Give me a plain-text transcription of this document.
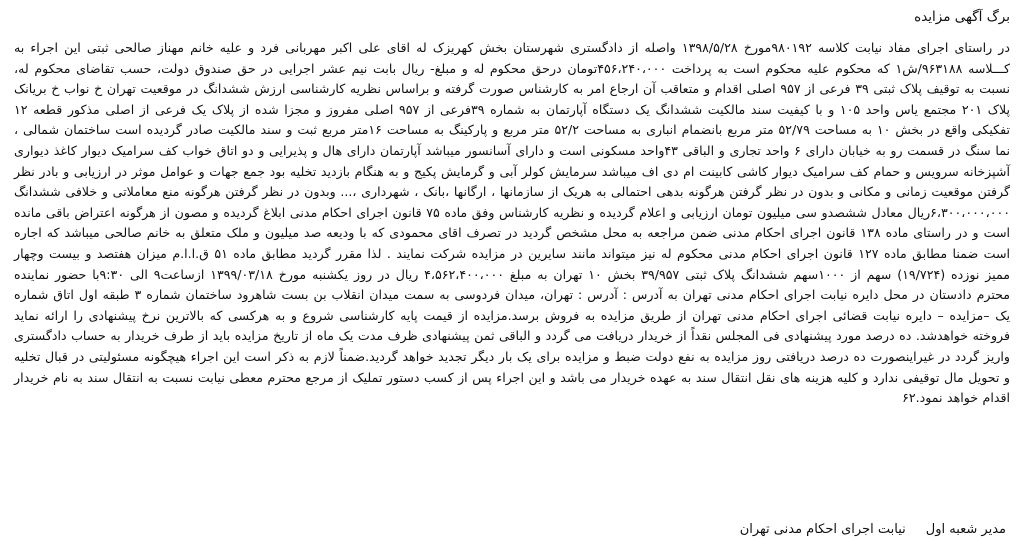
برگ آگهی مزایده

در راستای اجرای مفاد نیابت کلاسه ۹۸۰۱۹۲مورخ ۱۳۹۸/۵/۲۸ واصله از دادگستری شهرستان بخش کهریزک له اقای علی اکبر مهربانی فرد و علیه خانم مهناز صالحی ثبتی این اجراء به کـــلاسه ۹۶۳۱۸۸/ش۱ که محکوم علیه محکوم است به پرداخت ۴۵۶،۲۴۰،۰۰۰تومان درحق محکوم له و مبلغ- ریال بابت نیم عشر اجرایی در حق صندوق دولت، حسب تقاضای محکوم له، نسبت به توقیف پلاک ثبتی ۳۹ فرعی از ۹۵۷ اصلی اقدام و متعاقب آن ارجاع امر به کارشناس صورت گرفته و براساس نظریه کارشناسی ارزش ششدانگ در موقعیت تهران خ نواب خ بریانک پلاک ۲۰۱ مجتمع یاس واحد ۱۰۵ و با کیفیت سند مالکیت ششدانگ یک دستگاه آپارتمان به شماره ۳۹فرعی از ۹۵۷ اصلی مفروز و مجزا شده از پلاک یک فرعی از اصلی مذکور قطعه ۱۲ تفکیکی واقع در بخش ۱۰ به مساحت ۵۲/۷۹ متر مربع بانضمام انباری به مساحت ۵۲/۲ متر مربع و پارکینگ به مساحت ۱۶متر مربع ثبت و سند مالکیت صادر گردیده است ساختمان شمالی ، نما سنگ در قسمت رو به خیابان دارای ۶ واحد تجاری و الباقی ۴۳واحد مسکونی است و دارای آسانسور میباشد آپارتمان دارای هال و پذیرایی و دو اتاق خواب کف سرامیک دیوار کاغذ دیواری آشپزخانه سرویس و حمام کف سرامیک دیوار کاشی کابینت ام دی اف میباشد سرمایش کولر آبی و گرمایش پکیج و به هنگام بازدید تخلیه بود جمع جهات و عوامل موثر در ارزیابی و بادر نظر گرفتن موقعیت زمانی و مکانی و بدون در نظر گرفتن هرگونه بدهی احتمالی به هریک از سازمانها ، ارگانها ،بانک ، شهرداری ،... وبدون در نظر گرفتن هرگونه منع معاملاتی و خلافی ششدانگ ۶،۳۰۰،۰۰۰،۰۰۰ریال معادل ششصدو سی میلیون تومان ارزیابی و اعلام گردیده و نظریه کارشناس وفق ماده ۷۵ قانون اجرای احکام مدنی ابلاغ گردیده و مصون از هرگونه اعتراض باقی مانده است و در راستای ماده ۱۳۸ قانون اجرای احکام مدنی ضمن مراجعه به محل مشخص گردید در تصرف اقای محمودی که با ودیعه صد میلیون و ملک متعلق به خانم صالحی میباشد که اجاره است ضمنا مطابق ماده ۱۲۷ قانون اجرای احکام مدنی محکوم له نیز میتواند مانند سایرین در مزایده شرکت نمایند . لذا مقرر گردید مطابق ماده ۵۱ ق.ا.ا.م میزان هفتصد و بیست وچهار ممیز نوزده (۱۹/۷۲۴) سهم از ۱۰۰۰سهم ششدانگ پلاک ثبتی ۳۹/۹۵۷ بخش ۱۰ تهران به مبلغ ۴،۵۶۲،۴۰۰،۰۰۰ ریال در روز یکشنبه مورخ ۱۳۹۹/۰۳/۱۸ ازساعت۹ الی ۹:۳۰با حضور نماینده محترم دادستان در محل دایره نیابت اجرای احکام مدنی تهران به آدرس : آدرس : تهران، میدان فردوسی به سمت میدان انقلاب بن بست شاهرود ساختمان شماره ۳ طبقه اول اتاق شماره یک –مزایده – دایره نیابت قضائی اجرای احکام مدنی تهران از طریق مزایده به فروش برسد.مزایده از قیمت پایه کارشناسی شروع و به هرکسی که بالاترین نرخ پیشنهادی را ارائه نماید فروخته خواهدشد. ده درصد مورد پیشنهادی فی المجلس نقداً از خریدار دریافت می گردد و الباقی ثمن پیشنهادی ظرف مدت یک ماه از تاریخ مزایده باید از طرف خریدار به حساب دادگستری واریز گردد در غیراینصورت ده درصد دریافتی روز مزایده به نفع دولت ضبط و مزایده برای یک بار دیگر تجدید خواهد گردید.ضمناً لازم به ذکر است این اجراء هیچگونه مسئولیتی در قبال تخلیه و تحویل مال توقیفی ندارد و کلیه هزینه های نقل انتقال سند به عهده خریدار می باشد و این اجراء پس از کسب دستور تملیک از مرجع محترم معطی نیابت نسبت به انتقال سند به نام خریدار اقدام خواهد نمود.۶۲

مدیر شعبه اولنیابت اجرای احکام مدنی تهران
